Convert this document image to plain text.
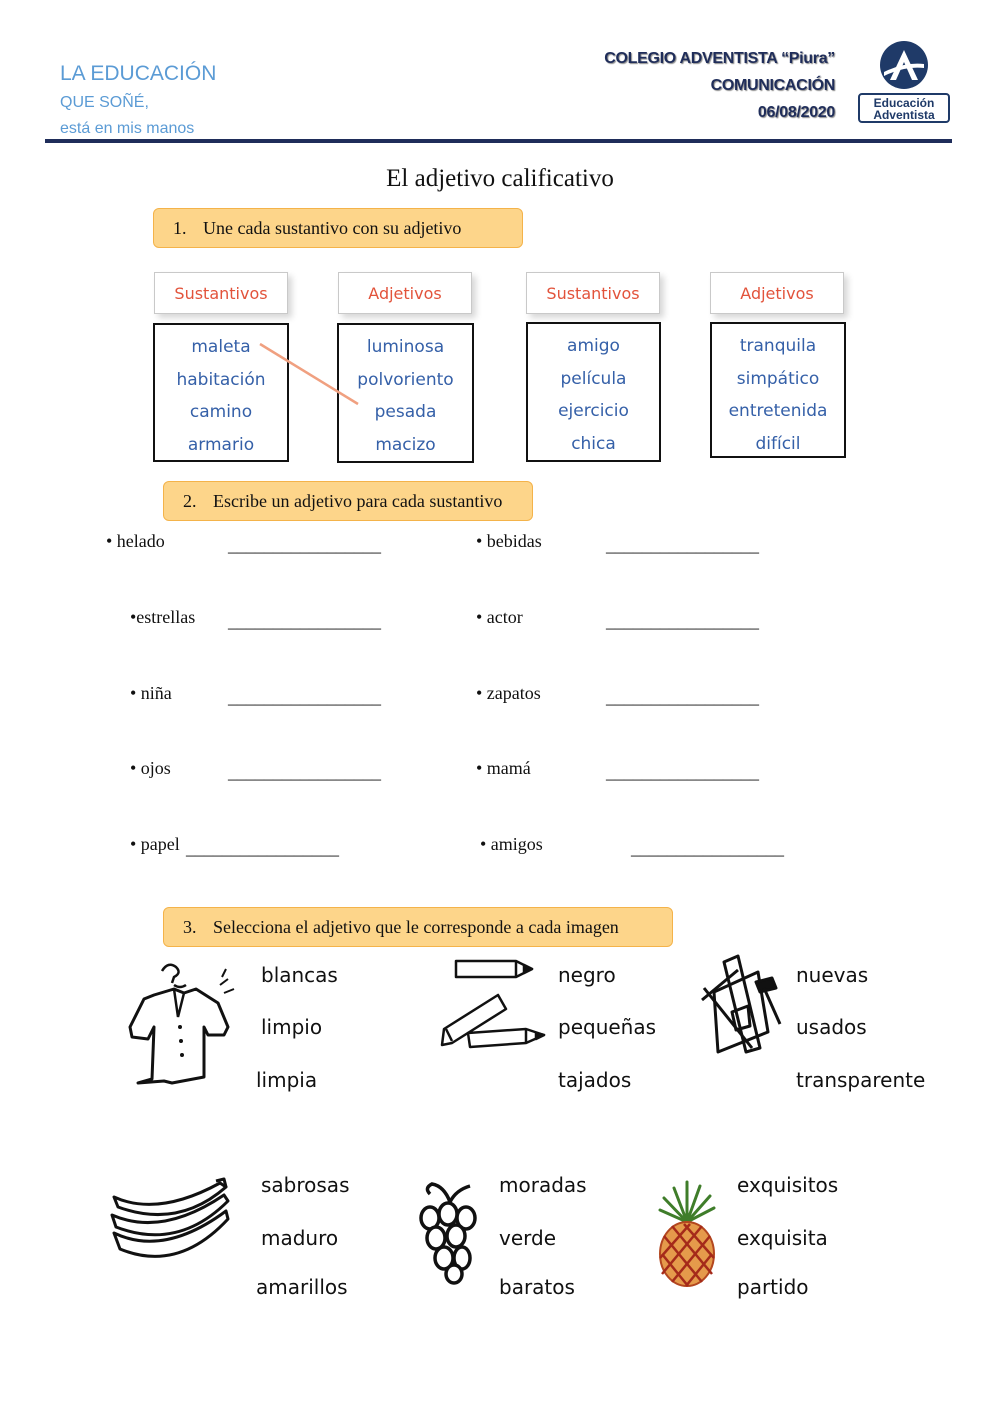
LA EDUCACIÓN
QUE SOÑÉ,
está en mis manos
COLEGIO ADVENTISTA “Piura”
COMUNICACIÓN
06/08/2020
Educación
Adventista
El adjetivo calificativo
1. Une cada sustantivo con su adjetivo
Sustantivos	Adjetivos	Sustantivos	Adjetivos
maleta
habitación
camino
armario
luminosa
polvoriento
pesada
macizo
amigo
película
ejercicio
chica
tranquila
simpático
entretenida
difícil
2. Escribe un adjetivo para cada sustantivo
• helado	_________________
•estrellas _________________
• niña	_________________
• ojos	_________________
• papel _________________
• bebidas	_________________
• actor	_________________
• zapatos	_________________
• mamá	_________________
• amigos	_________________
3. Selecciona el adjetivo que le corresponde a cada imagen
blancas
limpio
limpia
negro
pequeñas
tajados
nuevas
usados
transparente
sabrosas
maduro
amarillos
moradas
verde
baratos
exquisitos
exquisita
partido
